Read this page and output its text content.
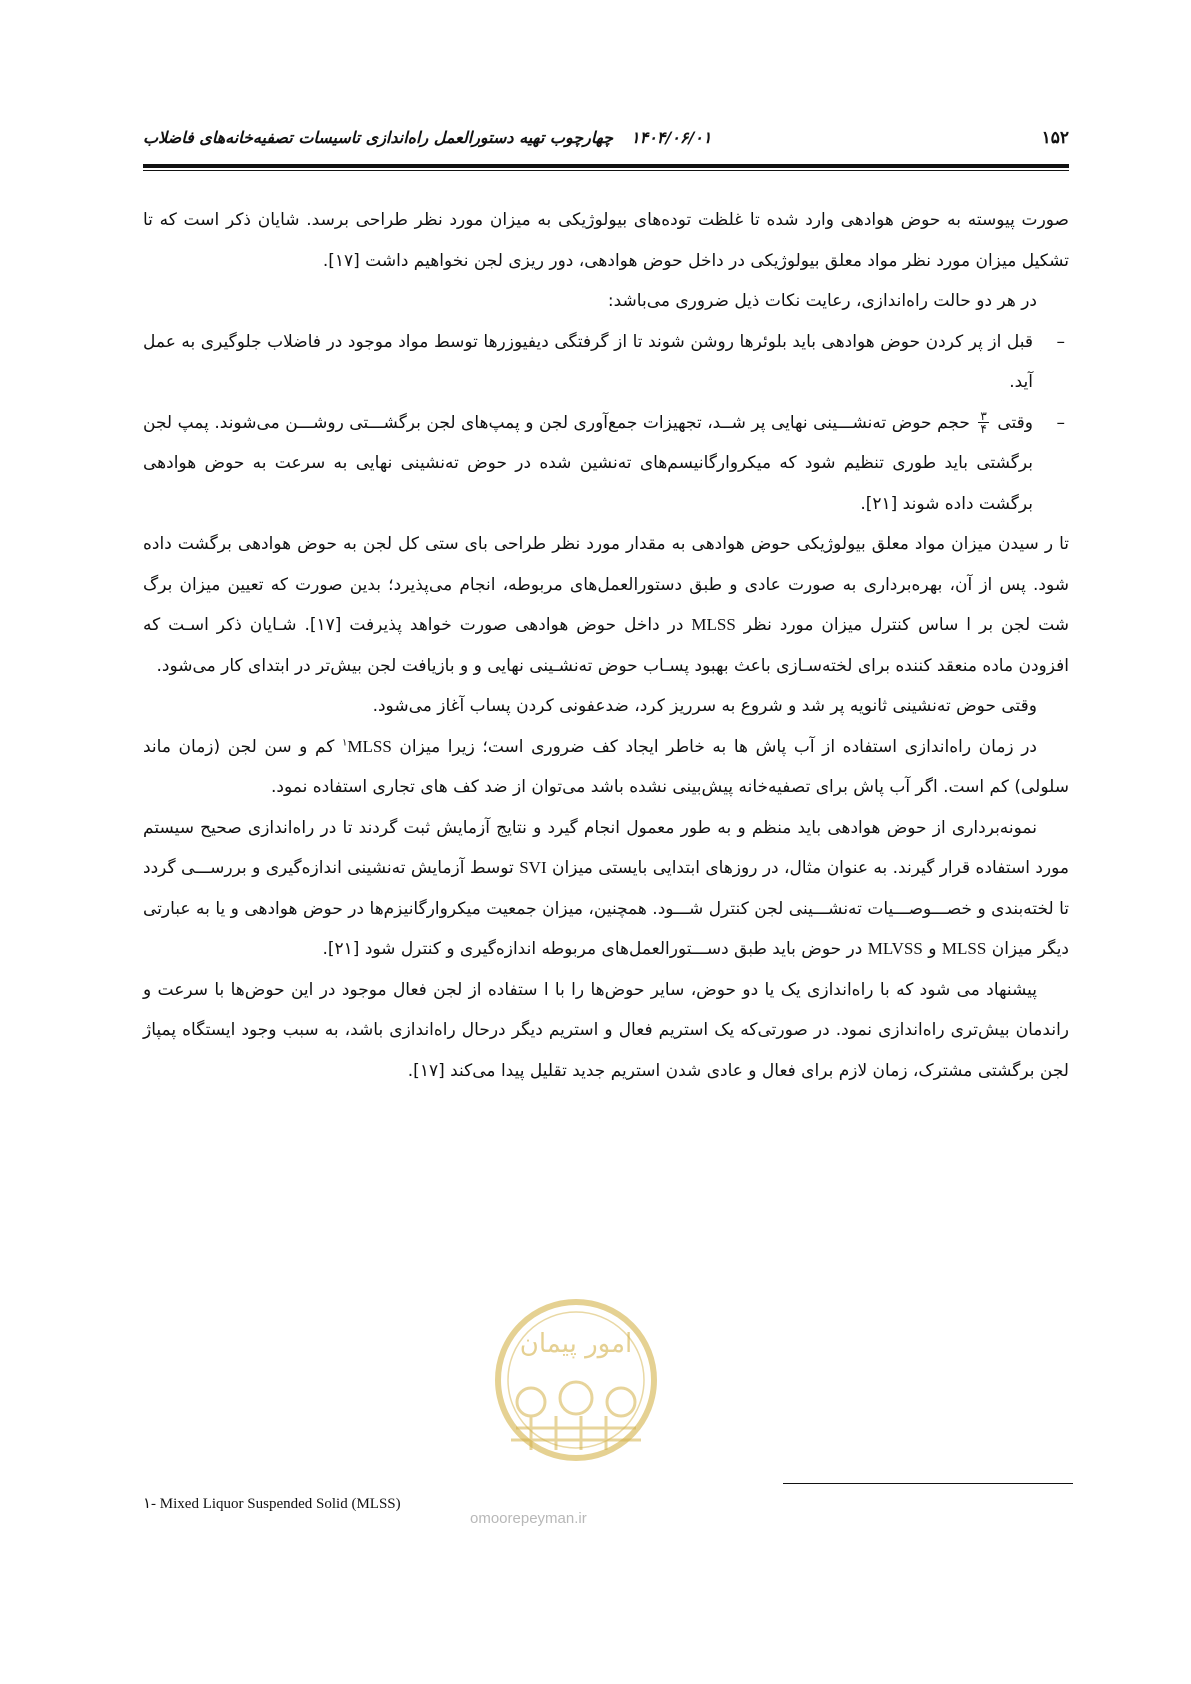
۱۵۲
۱۴۰۴/۰۶/۰۱چهارچوب تهیه دستورالعمل راه‌اندازی تاسیسات تصفیه‌خانه‌های فاضلاب

صورت پیوسته به حوض هوادهی وارد شده تا غلظت توده‌های بیولوژیکی به میزان مورد نظر طراحی برسد. شایان ذکر است که تا تشکیل میزان مورد نظر مواد معلق بیولوژیکی در داخل حوض هوادهی، دور ریزی لجن نخواهیم داشت [۱۷].

در هر دو حالت راه‌اندازی، رعایت نکات ذیل ضروری می‌باشد:

–
قبل از پر کردن حوض هوادهی باید بلوئرها روشن شوند تا از گرفتگی دیفیوزرها توسط مواد موجود در فاضلاب جلوگیری به عمل آید.

–
وقتی
$\frac{۳}{۴}$
حجم حوض تەنشـــینی نهایی پر شــد، تجهیزات جمع‌آوری لجن و پمپ‌های لجن برگشـــتی روشـــن می‌شوند. پمپ لجن برگشتی باید طوری تنظیم شود که میکروارگانیسم‌های تەنشین شده در حوض تەنشینی نهایی به سرعت به حوض هوادهی برگشت داده شوند [۲۱].

تا ر سیدن میزان مواد معلق بیولوژیکی حوض هوادهی به مقدار مورد نظر طراحی بای ستی کل لجن به حوض هوادهی برگشت داده شود. پس از آن، بهره‌برداری به صورت عادی و طبق دستورالعمل‌های مربوطه، انجام می‌پذیرد؛ بدین صورت که تعیین میزان برگ شت لجن بر ا ساس کنترل میزان مورد نظر MLSS در داخل حوض هوادهی صورت خواهد پذیرفت [۱۷]. شـایان ذکر اسـت که افزودن ماده منعقد کننده برای لخته‌سـازی باعث بهبود پسـاب حوض تەنشـینی نهایی و و بازیافت لجن بیش‌تر در ابتدای کار می‌شود.

وقتی حوض تەنشینی ثانویه پر شد و شروع به سرریز کرد، ضدعفونی کردن پساب آغاز می‌شود.

در زمان راه‌اندازی استفاده از آب پاش ها به خاطر ایجاد کف ضروری است؛ زیرا میزان MLSS$^۱$ کم و سن لجن (زمان ماند سلولی) کم است. اگر آب پاش برای تصفیه‌خانه پیش‌بینی نشده باشد می‌توان از ضد کف های تجاری استفاده نمود.

نمونه‌برداری از حوض هوادهی باید منظم و به طور معمول انجام گیرد و نتایج آزمایش ثبت گردند تا در راه‌اندازی صحیح سیستم مورد استفاده قرار گیرند. به عنوان مثال، در روزهای ابتدایی بایستی میزان SVI توسط آزمایش تەنشینی اندازه‌گیری و بررســـی گردد تا لخته‌بندی و خصـــوصـــیات تەنشـــینی لجن کنترل شـــود. همچنین، میزان جمعیت میکروارگانیزم‌ها در حوض هوادهی و یا به عبارتی دیگر میزان MLSS و MLVSS در حوض باید طبق دســـتورالعمل‌های مربوطه اندازه‌گیری و کنترل شود [۲۱].

پیشنهاد می شود که با راه‌اندازی یک یا دو حوض، سایر حوض‌ها را با ا ستفاده از لجن فعال موجود در این حوض‌ها با سرعت و راندمان بیش‌تری راه‌اندازی نمود. در صورتی‌که یک استریم فعال و استریم دیگر درحال راه‌اندازی باشد، به سبب وجود ایستگاه پمپاژ لجن برگشتی مشترک، زمان لازم برای فعال و عادی شدن استریم جدید تقلیل پیدا می‌کند [۱۷].

امور پیمان
omoorepeyman.ir
۱- Mixed Liquor Suspended Solid (MLSS)
